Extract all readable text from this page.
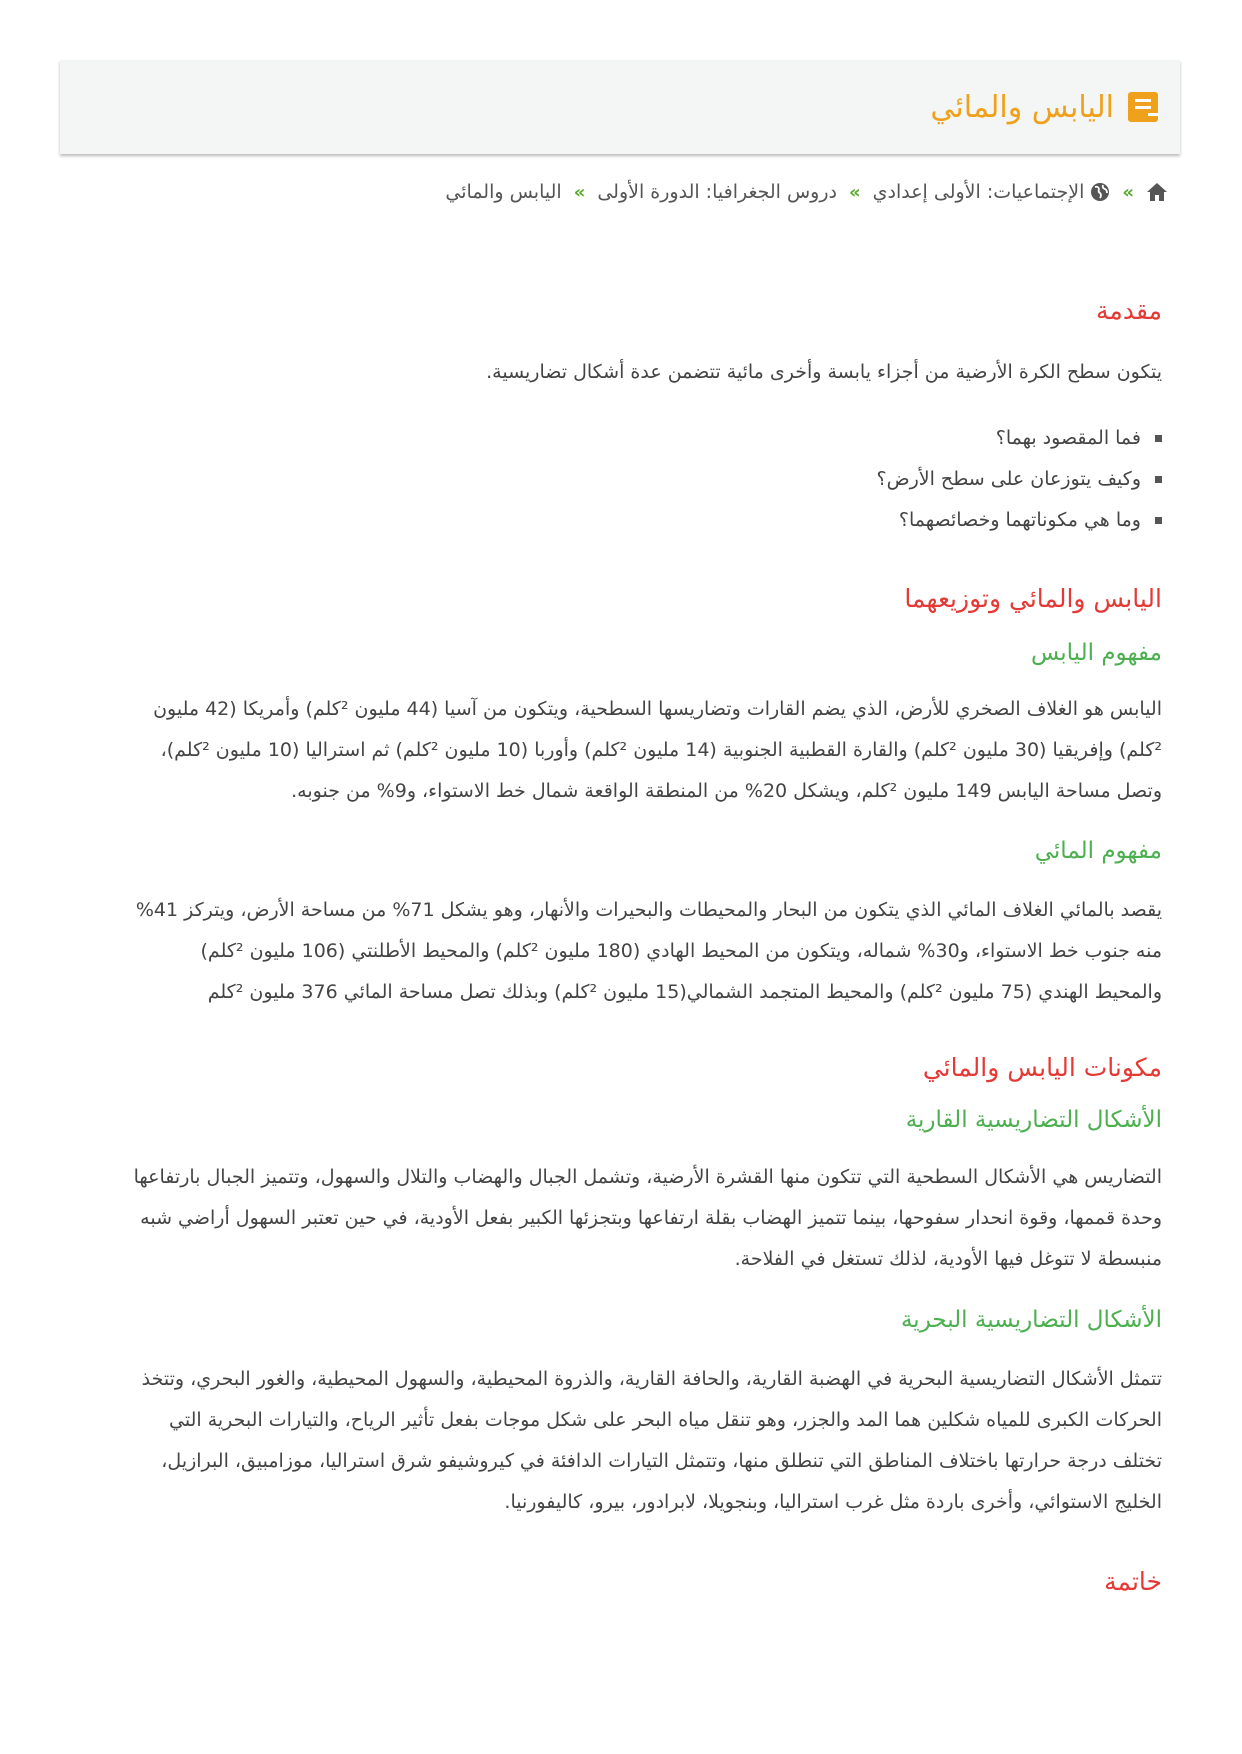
اليابس والمائي
»
الإجتماعيات: الأولى إعدادي
»
دروس الجغرافيا: الدورة الأولى
»
اليابس والمائي
مقدمة
يتكون سطح الكرة الأرضية من أجزاء يابسة وأخرى مائية تتضمن عدة أشكال تضاريسية.
فما المقصود بهما؟
وكيف يتوزعان على سطح الأرض؟
وما هي مكوناتهما وخصائصهما؟
اليابس والمائي وتوزيعهما
مفهوم اليابس
اليابس هو الغلاف الصخري للأرض، الذي يضم القارات وتضاريسها السطحية، ويتكون من آسيا (44 مليون ²كلم) وأمريكا (42 مليون
²كلم) وإفريقيا (30 مليون ²كلم) والقارة القطبية الجنوبية (14 مليون ²كلم) وأوربا (10 مليون ²كلم) ثم استراليا (10 مليون ²كلم)،
وتصل مساحة اليابس 149 مليون ²كلم، ويشكل 20% من المنطقة الواقعة شمال خط الاستواء، و9% من جنوبه.
مفهوم المائي
يقصد بالمائي الغلاف المائي الذي يتكون من البحار والمحيطات والبحيرات والأنهار، وهو يشكل 71% من مساحة الأرض، ويتركز 41%
منه جنوب خط الاستواء، و30% شماله، ويتكون من المحيط الهادي (180 مليون ²كلم) والمحيط الأطلنتي (106 مليون ²كلم)
والمحيط الهندي (75 مليون ²كلم) والمحيط المتجمد الشمالي(15 مليون ²كلم) وبذلك تصل مساحة المائي 376 مليون ²كلم
مكونات اليابس والمائي
الأشكال التضاريسية القارية
التضاريس هي الأشكال السطحية التي تتكون منها القشرة الأرضية، وتشمل الجبال والهضاب والتلال والسهول، وتتميز الجبال بارتفاعها
وحدة قممها، وقوة انحدار سفوحها، بينما تتميز الهضاب بقلة ارتفاعها وبتجزئها الكبير بفعل الأودية، في حين تعتبر السهول أراضي شبه
منبسطة لا تتوغل فيها الأودية، لذلك تستغل في الفلاحة.
الأشكال التضاريسية البحرية
تتمثل الأشكال التضاريسية البحرية في الهضبة القارية، والحافة القارية، والذروة المحيطية، والسهول المحيطية، والغور البحري، وتتخذ
الحركات الكبرى للمياه شكلين هما المد والجزر، وهو تنقل مياه البحر على شكل موجات بفعل تأثير الرياح، والتيارات البحرية التي
تختلف درجة حرارتها باختلاف المناطق التي تنطلق منها، وتتمثل التيارات الدافئة في كيروشيفو شرق استراليا، موزامبيق، البرازيل،
الخليج الاستوائي، وأخرى باردة مثل غرب استراليا، وبنجويلا، لابرادور، بيرو، كاليفورنيا.
خاتمة
